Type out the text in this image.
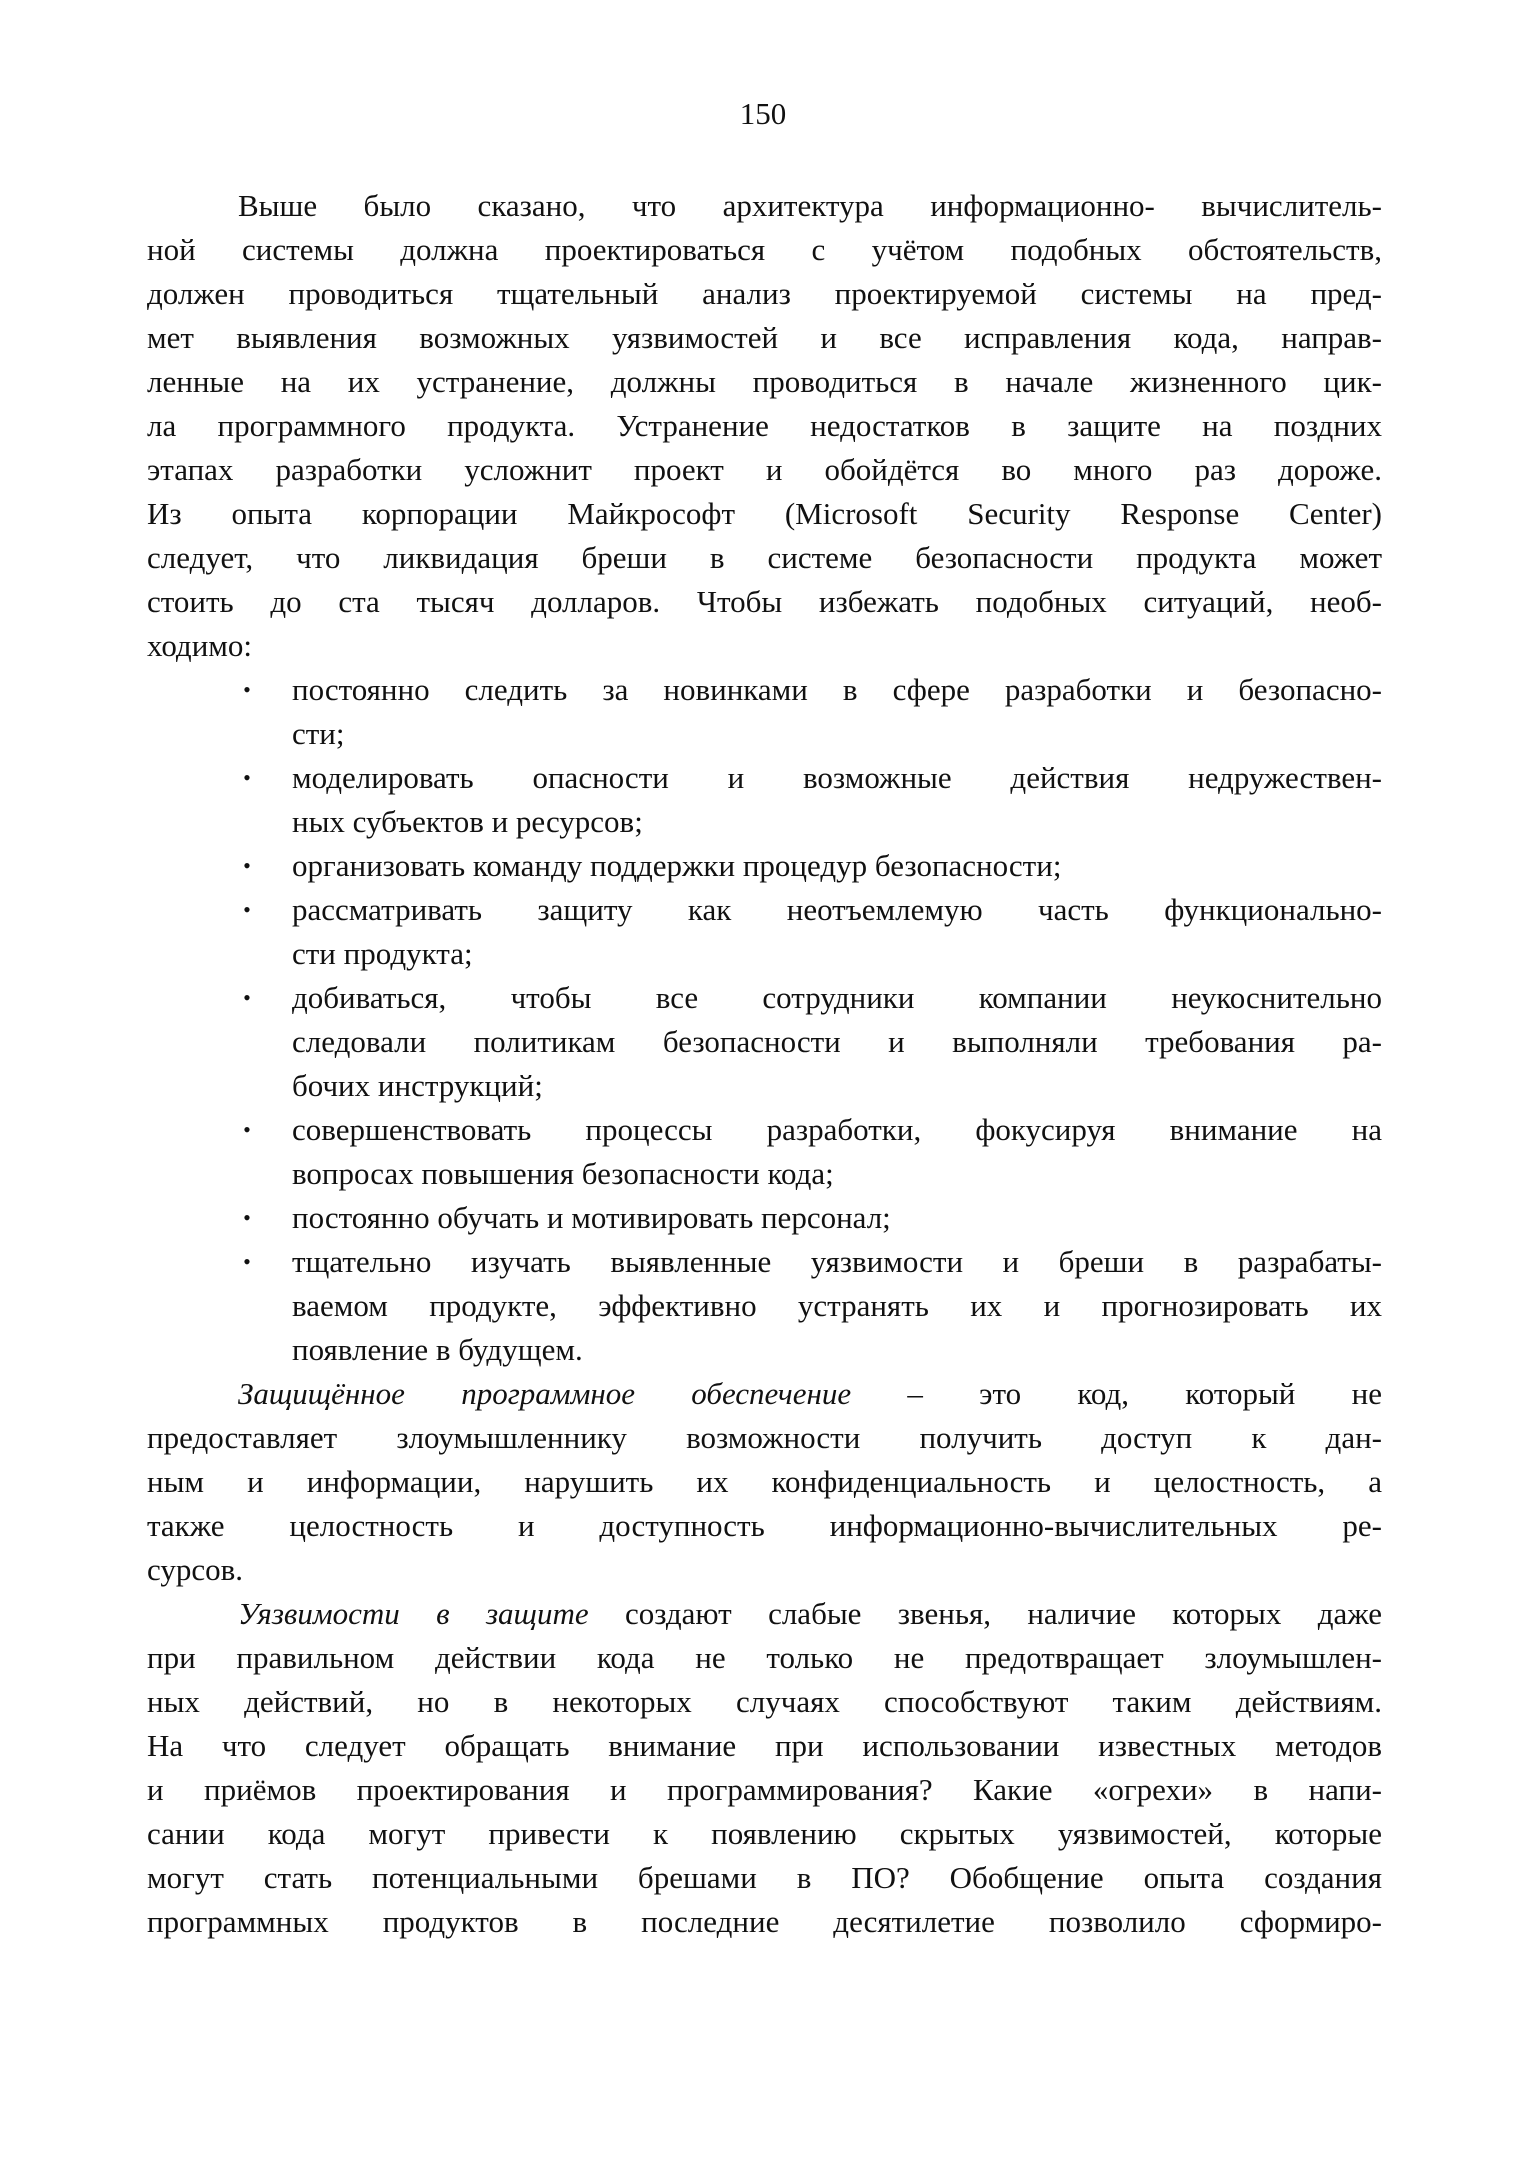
150
Выше было сказано, что архитектура информационно- вычислитель-
ной системы должна проектироваться с учётом подобных обстоятельств,
должен проводиться тщательный анализ проектируемой системы на пред-
мет выявления возможных уязвимостей и все исправления кода, направ-
ленные на их устранение, должны проводиться в начале жизненного цик-
ла программного продукта. Устранение недостатков в защите на поздних
этапах разработки усложнит проект и обойдётся во много раз дороже.
Из опыта корпорации Майкрософт (Microsoft Security Response Center)
следует, что ликвидация бреши в системе безопасности продукта может
стоить до ста тысяч долларов. Чтобы избежать подобных ситуаций, необ-
ходимо:
• постоянно следить за новинками в сфере разработки и безопасно-
сти;
• моделировать опасности и возможные действия недружествен-
ных субъектов и ресурсов;
• организовать команду поддержки процедур безопасности;
• рассматривать защиту как неотъемлемую часть функционально-
сти продукта;
• добиваться, чтобы все сотрудники компании неукоснительно
следовали политикам безопасности и выполняли требования ра-
бочих инструкций;
• совершенствовать процессы разработки, фокусируя внимание на
вопросах повышения безопасности кода;
• постоянно обучать и мотивировать персонал;
• тщательно изучать выявленные уязвимости и бреши в разрабаты-
ваемом продукте, эффективно устранять их и прогнозировать их
появление в будущем.
Защищённое программное обеспечение – это код, который не
предоставляет злоумышленнику возможности получить доступ к дан-
ным и информации, нарушить их конфиденциальность и целостность, а
также целостность и доступность информационно-вычислительных ре-
сурсов.
Уязвимости в защите создают слабые звенья, наличие которых даже
при правильном действии кода не только не предотвращает злоумышлен-
ных действий, но в некоторых случаях способствуют таким действиям.
На что следует обращать внимание при использовании известных методов
и приёмов проектирования и программирования? Какие «огрехи» в напи-
сании кода могут привести к появлению скрытых уязвимостей, которые
могут стать потенциальными брешами в ПО? Обобщение опыта создания
программных продуктов в последние десятилетие позволило сформиро-
